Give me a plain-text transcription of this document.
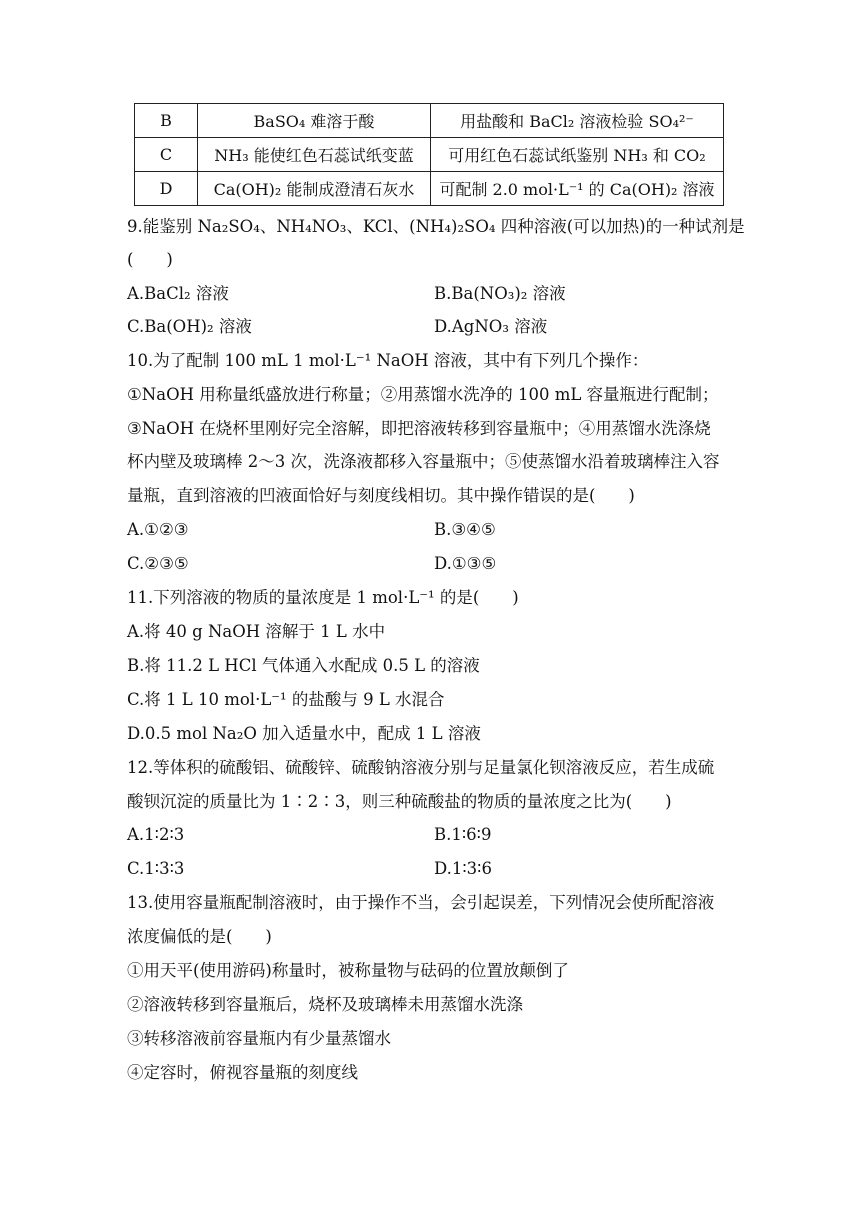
B	BaSO₄ 难溶于酸	用盐酸和 BaCl₂ 溶液检验 SO₄²⁻
C	NH₃ 能使红色石蕊试纸变蓝	可用红色石蕊试纸鉴别 NH₃ 和 CO₂
D	Ca(OH)₂ 能制成澄清石灰水	可配制 2.0 mol·L⁻¹ 的 Ca(OH)₂ 溶液
9.能鉴别 Na₂SO₄、NH₄NO₃、KCl、(NH₄)₂SO₄ 四种溶液(可以加热)的一种试剂是
(　　)
A.BaCl₂ 溶液	B.Ba(NO₃)₂ 溶液
C.Ba(OH)₂ 溶液	D.AgNO₃ 溶液
10.为了配制 100 mL 1 mol·L⁻¹ NaOH 溶液，其中有下列几个操作：
①NaOH 用称量纸盛放进行称量；②用蒸馏水洗净的 100 mL 容量瓶进行配制；
③NaOH 在烧杯里刚好完全溶解，即把溶液转移到容量瓶中；④用蒸馏水洗涤烧
杯内壁及玻璃棒 2～3 次，洗涤液都移入容量瓶中；⑤使蒸馏水沿着玻璃棒注入容
量瓶，直到溶液的凹液面恰好与刻度线相切。其中操作错误的是(　　)
A.①②③	B.③④⑤
C.②③⑤	D.①③⑤
11.下列溶液的物质的量浓度是 1 mol·L⁻¹ 的是(　　)
A.将 40 g NaOH 溶解于 1 L 水中
B.将 11.2 L HCl 气体通入水配成 0.5 L 的溶液
C.将 1 L 10 mol·L⁻¹ 的盐酸与 9 L 水混合
D.0.5 mol Na₂O 加入适量水中，配成 1 L 溶液
12.等体积的硫酸铝、硫酸锌、硫酸钠溶液分别与足量氯化钡溶液反应，若生成硫
酸钡沉淀的质量比为 1∶2∶3，则三种硫酸盐的物质的量浓度之比为(　　)
A.1∶2∶3	B.1∶6∶9
C.1∶3∶3	D.1∶3∶6
13.使用容量瓶配制溶液时，由于操作不当，会引起误差，下列情况会使所配溶液
浓度偏低的是(　　)
①用天平(使用游码)称量时，被称量物与砝码的位置放颠倒了
②溶液转移到容量瓶后，烧杯及玻璃棒未用蒸馏水洗涤
③转移溶液前容量瓶内有少量蒸馏水
④定容时，俯视容量瓶的刻度线
